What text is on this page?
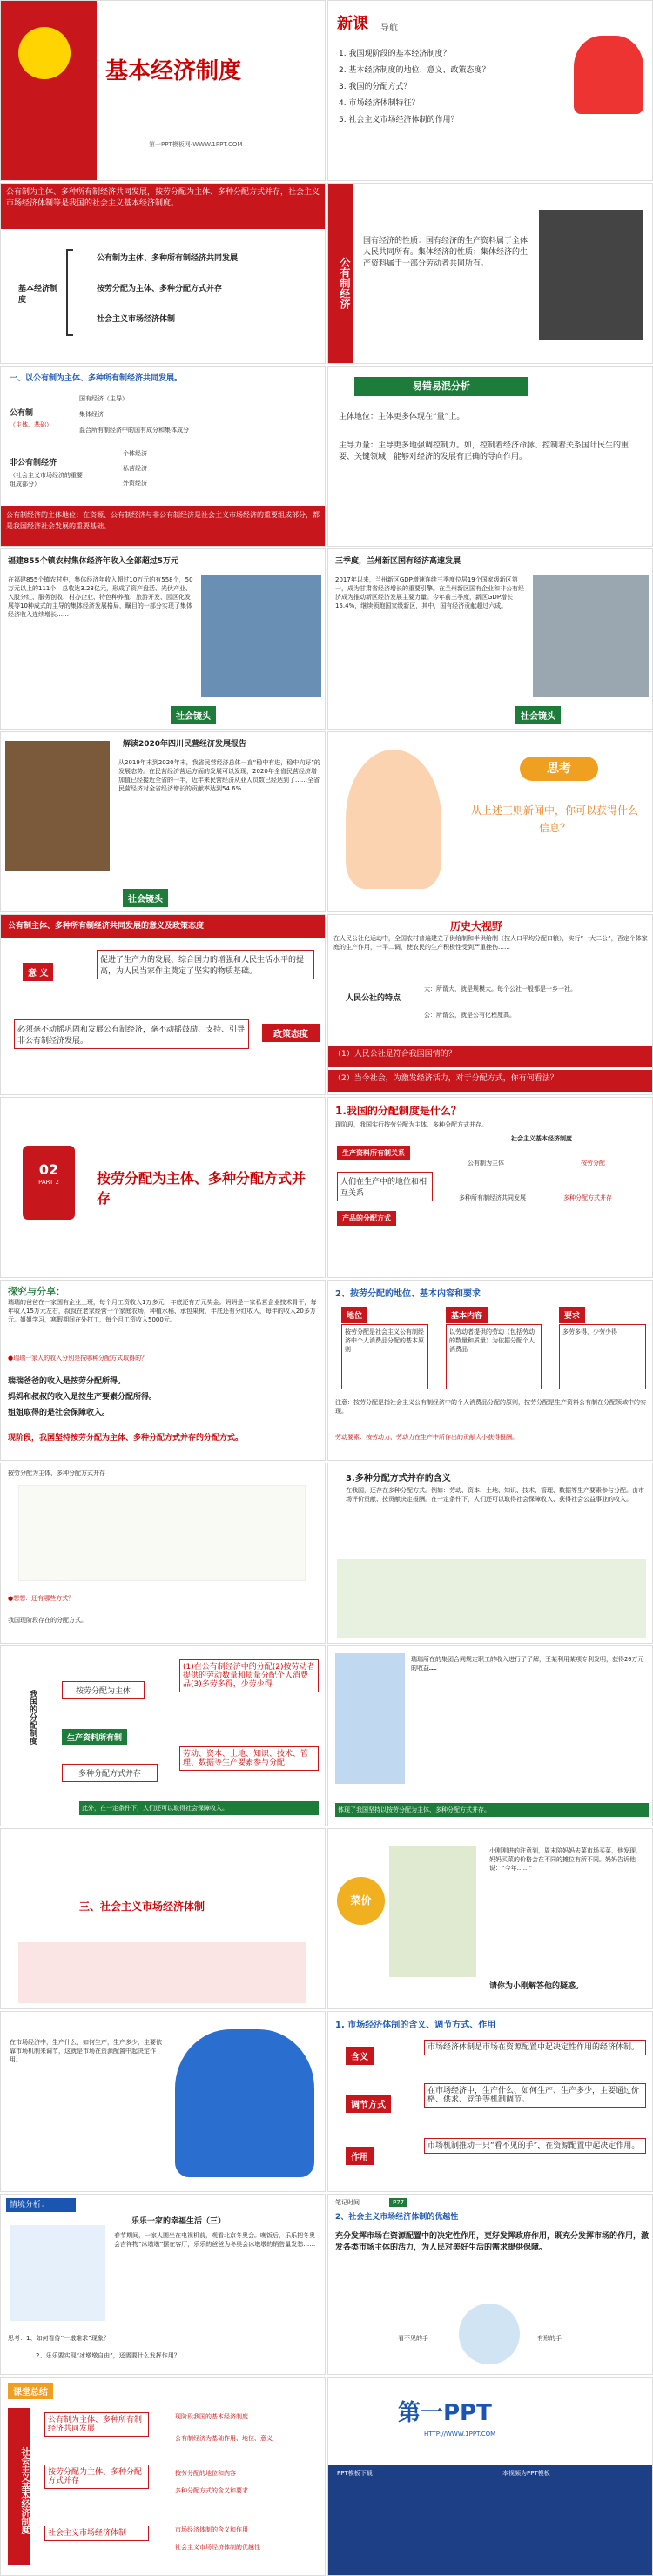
基本经济制度
第一PPT模板网-WWW.1PPT.COM
新课 导航
1. 我国现阶段的基本经济制度？
2. 基本经济制度的地位、意义、政策态度？
3. 我国的分配方式？
4. 市场经济体制特征？
5. 社会主义市场经济体制的作用？
公有制为主体、多种所有制经济共同发展，按劳分配为主体、多种分配方式并存，社会主义市场经济体制等是我国的社会主义基本经济制度。
基本经济制度
公有制为主体、多种所有制经济共同发展
按劳分配为主体、多种分配方式并存
社会主义市场经济体制
公有制经济
国有经济的性质：国有经济的生产资料属于全体人民共同所有。集体经济的性质：集体经济的生产资料属于一部分劳动者共同所有。
一、以公有制为主体、多种所有制经济共同发展。
公有制
（主体、基础）
国有经济（主导）
集体经济
混合所有制经济中的国有成分和集体成分
非公有制经济
（社会主义市场经济的重要组成部分）
个体经济
私营经济
外资经济
公有制经济的主体地位：在资源、公有制经济与非公有制经济是社会主义市场经济的重要组成部分，都是我国经济社会发展的重要基础。
易错易混分析
主体地位：主体更多体现在“量”上。
主导力量：主导更多地强调控制力。如，控制着经济命脉、控制着关系国计民生的重要、关键领域，能够对经济的发展有正确的导向作用。
福建855个镇农村集体经济年收入全部超过5万元
在福建855个镇农村中，集体经济年收入超过10万元的有558个，50万元以上的111个，总收达3.23亿元，形成了资产盘活、光伏产业、入股分红、服务创收、村办企业、特色种养殖、旅游开发、园区化发展等10种成式的主导的集体经济发展格局，瞩目的一部分实现了集体经济收入连续增长……
社会镜头
三季度，兰州新区国有经济高速发展
2017年以来，兰州新区GDP增速连续三季度位居19个国家级新区第一，成为甘肃省经济增长的重要引擎。在兰州新区国有企业和非公有经济成为推动新区经济发展主要力量。今年前三季度，新区GDP增长15.4%，继续领跑国家级新区，其中，国有经济贡献超过六成。
社会镜头
解读2020年四川民营经济发展报告
从2019年末到2020年末，我省民营经济总体一直“稳中有进，稳中向好”的发展态势。在民营经济营运方面的发展可以发现，2020年全省民营经济增加值已经接近全省的一半，近年来民营经济从业人员数已经达到了……全省民营经济对全省经济增长的贡献率达到54.6%……
社会镜头
思考
从上述三则新闻中，你可以获得什么信息？
公有制主体、多种所有制经济共同发展的意义及政策态度
意 义
促进了生产力的发展、综合国力的增强和人民生活水平的提高，为人民当家作主奠定了坚实的物质基础。
必须毫不动摇巩固和发展公有制经济，毫不动摇鼓励、支持、引导非公有制经济发展。
政策态度
历史大视野
在人民公社化运动中，全国农村普遍建立了供给制和半供给制（按人口平均分配口粮），实行“一大二公”，否定个体家庭的生产作用，一平二调，使农民的生产积极性受到严重挫伤……
人民公社的特点
大：所谓大，就是规模大。每个公社一般都是一乡一社。
公：所谓公，就是公有化程度高。
（1）人民公社是符合我国国情的？
（2）当今社会，为激发经济活力，对于分配方式，你有何看法？
02
PART 2	按劳分配为主体、多种分配方式并存
1.我国的分配制度是什么？
现阶段，我国实行按劳分配为主体、多种分配方式并存。
生产资料所有制关系
人们在生产中的地位和相互关系
产品的分配方式
社会主义基本经济制度
公有制为主体	按劳分配
多种所有制经济共同发展	多种分配方式并存
探究与分享：
瑞瑞的爸爸在一家国有企业上班，每个月工资收入1万多元，年底还有万元奖金。妈妈是一家私营企业技术骨干，每年收入15万元左右，叔叔在老家经营一个家庭农场，种植水稻、承包果树，年底还有分红收入，每年的收入20多万元。姐姐学习，寒假期间在外打工，每个月工资收入5000元。
●瑞瑞一家人的收入分别是按哪种分配方式取得的？
瑞瑞爸爸的收入是按劳分配所得。
妈妈和叔叔的收入是按生产要素分配所得。
姐姐取得的是社会保障收入。
现阶段，我国坚持按劳分配为主体、多种分配方式并存的分配方式。
2、按劳分配的地位、基本内容和要求
地位
按劳分配是社会主义公有制经济中个人消费品分配的基本原则
基本内容
以劳动者提供的劳动（包括劳动的数量和质量）为依据分配个人消费品
要求
多劳多得，少劳少得
注意：按劳分配是指社会主义公有制经济中的个人消费品分配的原则，按劳分配是生产资料公有制在分配领域中的实现。
劳动要素：按劳动力、劳动力在生产中所作出的贡献大小获得报酬。
按劳分配为主体、多种分配方式并存
●想想：还有哪些方式？
我国现阶段存在的分配方式。
3.多种分配方式并存的含义
在我国，还存在多种分配方式。例如：劳动、资本、土地、知识、技术、管理、数据等生产要素参与分配。由市场评价贡献、按贡献决定报酬。在一定条件下，人们还可以取得社会保障收入、获得社会公益事业的收入。
我国的分配制度	按劳分配为主体
(1)在公有制经济中的分配(2)按劳动者提供的劳动数量和质量分配个人消费品(3)多劳多得，少劳少得
生产资料所有制
多种分配方式并存
劳动、资本、土地、知识、技术、管理、数据等生产要素参与分配
此外，在一定条件下，人们还可以取得社会保障收入。
瑞瑞所在的集团合同规定职工的收入进行了了解，王某利用某项专利发明，获得20万元的收益……
体现了我国坚持以按劳分配为主体、多种分配方式并存。
三、社会主义市场经济体制	菜价
小刚刚进的注意到，周末陪妈妈去菜市场买菜，他发现，妈妈买菜的价格会在不同的摊位有所不同。妈妈告诉他说：“今年……”
请你为小刚解答他的疑惑。
在市场经济中，生产什么，如何生产，生产多少，主要依靠市场机制来调节，这就是市场在资源配置中起决定作用。
1. 市场经济体制的含义、调节方式、作用
含义
市场经济体制是市场在资源配置中起决定性作用的经济体制。
调节方式
在市场经济中，生产什么、如何生产、生产多少，主要通过价格、供求、竞争等机制调节。
作用
市场机制推动一只“看不见的手”，在资源配置中起决定作用。
情境分析：
乐乐一家的幸福生活（三）
春节期间，一家人围坐在电视机前，观看北京冬奥会。晚饭后，乐乐把冬奥会吉祥物“冰墩墩”摆在客厅，乐乐的爸爸为冬奥会冰墩墩的销售量发愁……
思考：1、如何看待“一墩难求”现象？
2、乐乐要实现“冰墩墩自由”，还需要什么发挥作用？
笔记时间	P77
2、社会主义市场经济体制的优越性
充分发挥市场在资源配置中的决定性作用，更好发挥政府作用，既充分发挥市场的作用，激发各类市场主体的活力，为人民对美好生活的需求提供保障。
看不见的手	有形的手
课堂总结
社会主义基本经济制度
公有制为主体、多种所有制经济共同发展
按劳分配为主体、多种分配方式并存
社会主义市场经济体制
现阶段我国的基本经济制度
公有制经济为基础作用、地位、意义
按劳分配的地位和内容
多种分配方式的含义和要求
市场经济体制的含义和作用
社会主义市场经济体制的优越性
第一PPT
HTTP://WWW.1PPT.COM
PPT模板下载	本视频为PPT模板
